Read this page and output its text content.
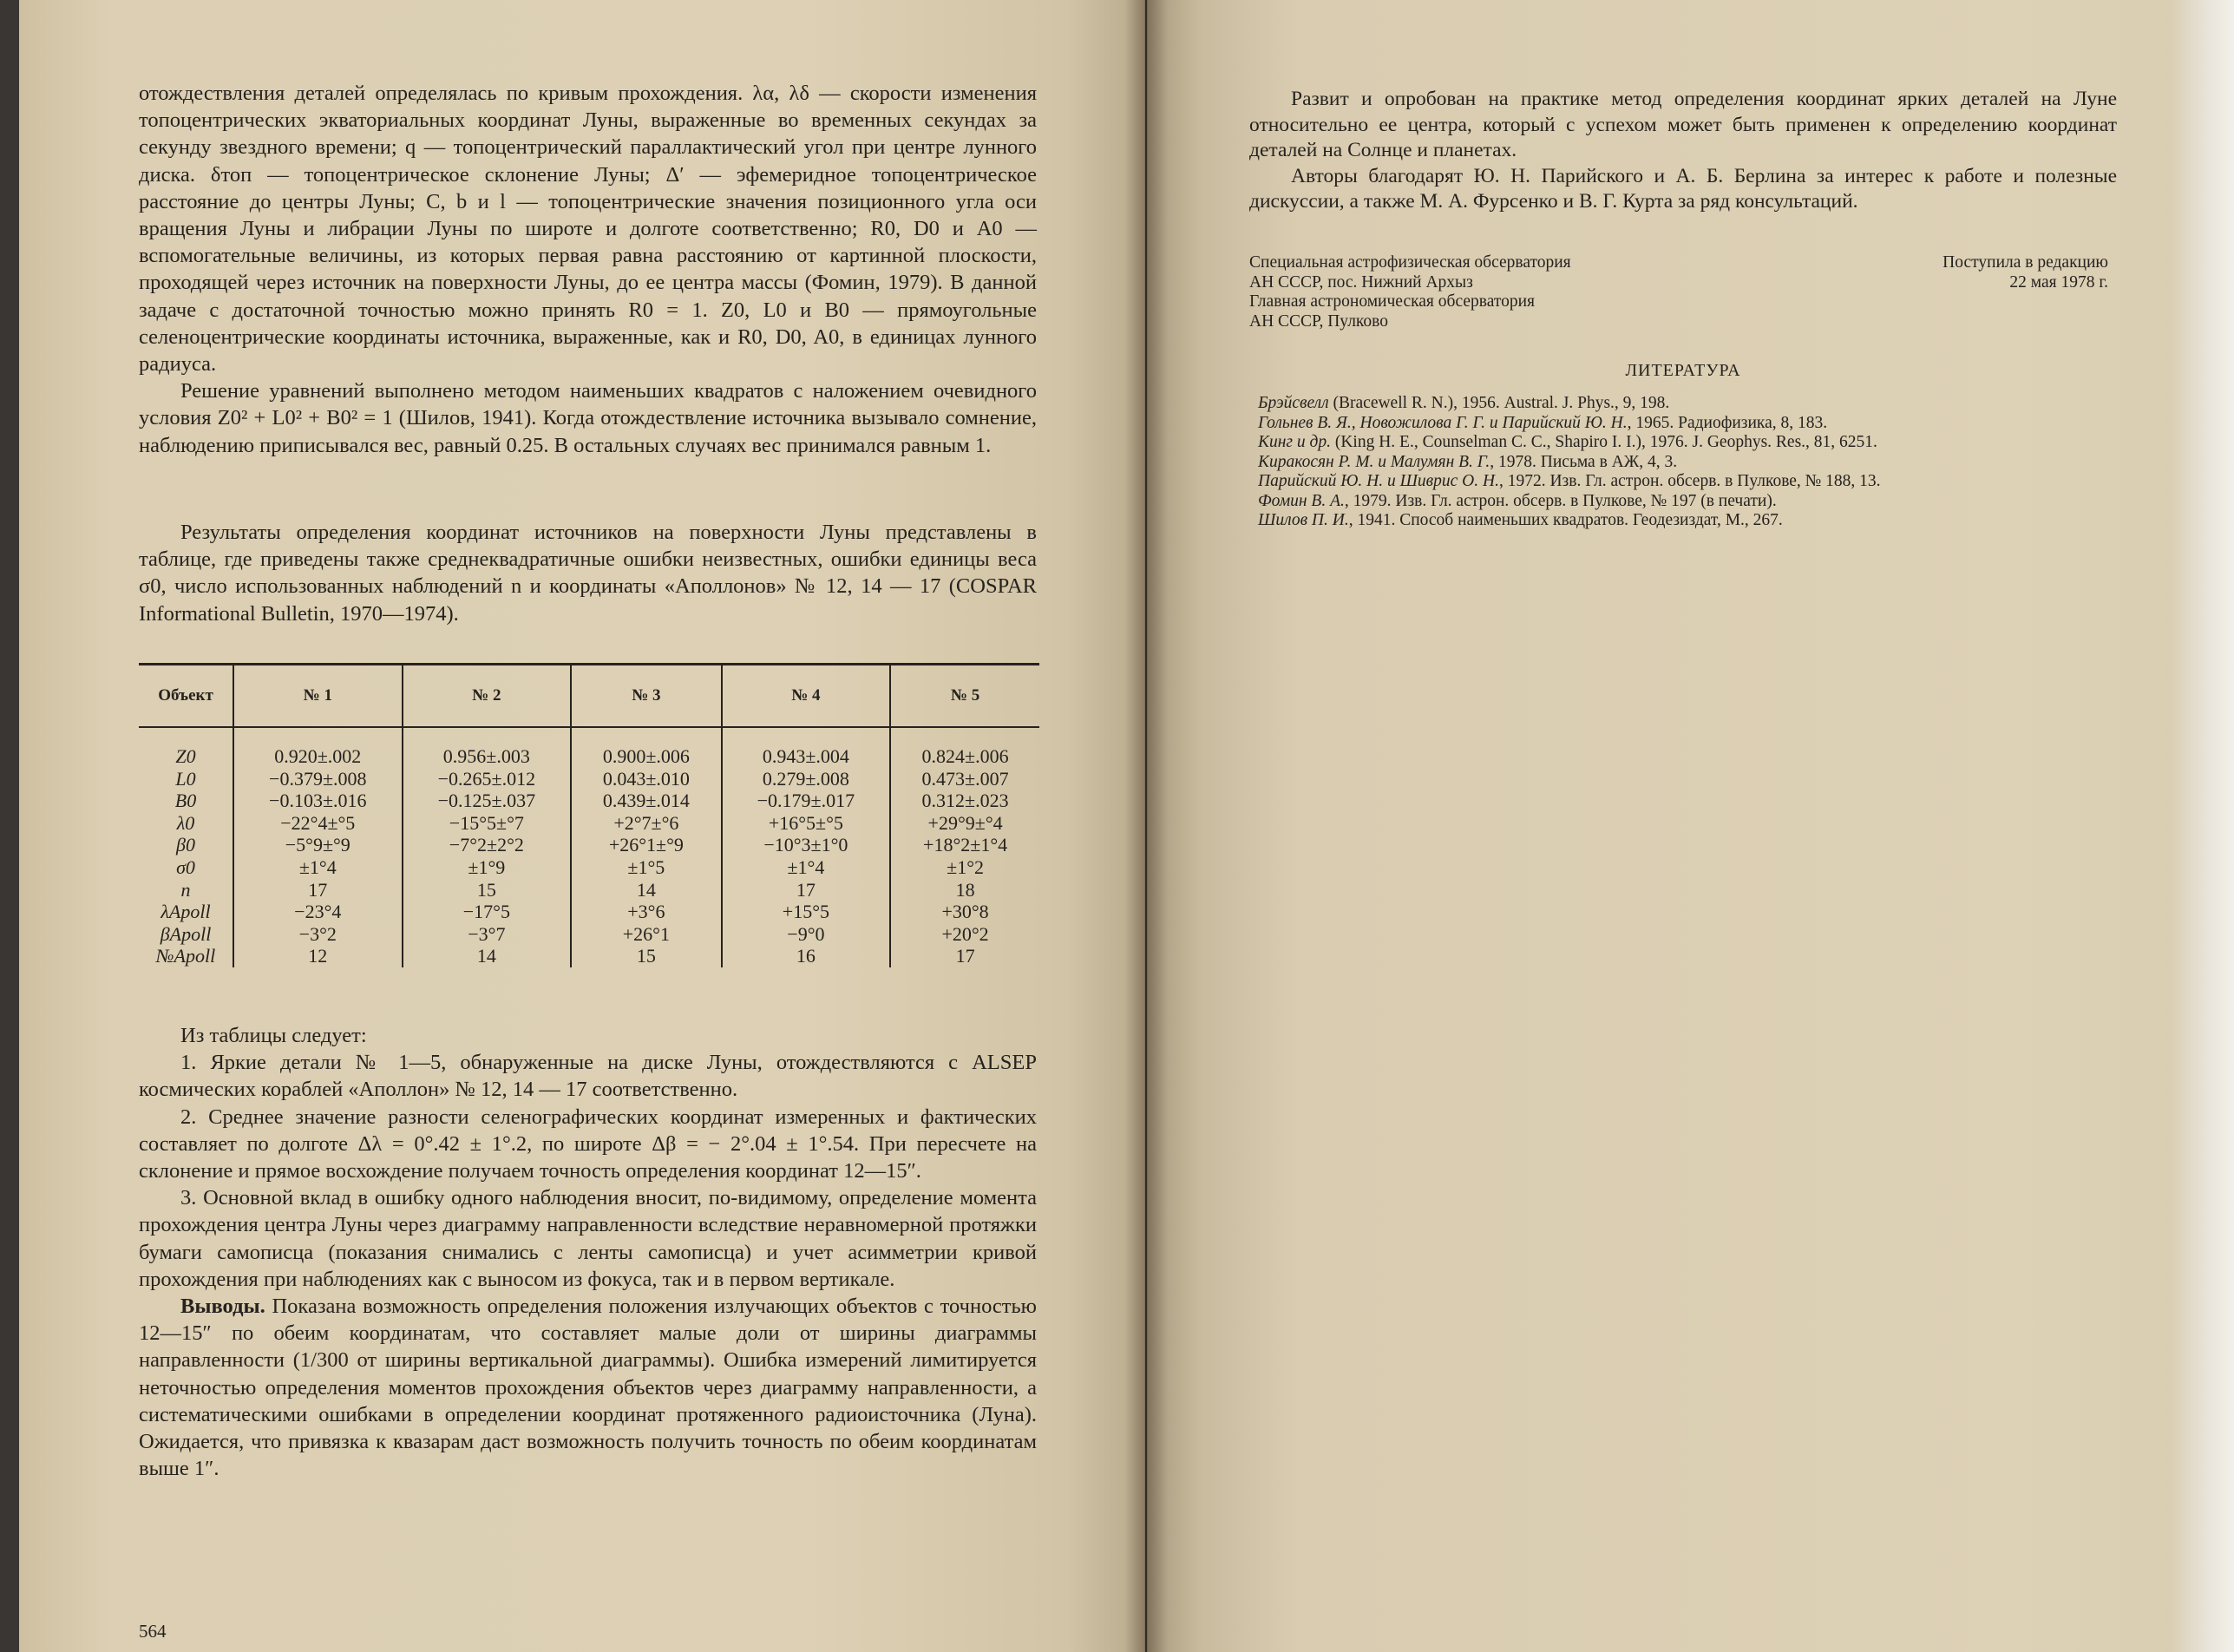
отождествления деталей определялась по кривым прохождения. λα, λδ — скорости изменения топоцентрических экваториальных координат Луны, выраженные во временных секундах за секунду звездного времени; q — топоцентрический параллактический угол при центре лунного диска. δтоп — топоцентрическое склонение Луны; Δ′ — эфемеридное топоцентрическое расстояние до центры Луны; C, b и l — топоцентрические значения позиционного угла оси вращения Луны и либрации Луны по широте и долготе соответственно; R0, D0 и A0 — вспомогательные величины, из которых первая равна расстоянию от картинной плоскости, проходящей через источник на поверхности Луны, до ее центра массы (Фомин, 1979). В данной задаче с достаточной точностью можно принять R0 = 1. Z0, L0 и B0 — прямоугольные селеноцентрические координаты источника, выраженные, как и R0, D0, A0, в единицах лунного радиуса.

Решение уравнений выполнено методом наименьших квадратов с наложением очевидного условия Z0² + L0² + B0² = 1 (Шилов, 1941). Когда отождествление источника вызывало сомнение, наблюдению приписывался вес, равный 0.25. В остальных случаях вес принимался равным 1.

Результаты определения координат источников на поверхности Луны представлены в таблице, где приведены также среднеквадратичные ошибки неизвестных, ошибки единицы веса σ0, число использованных наблюдений n и координаты «Аполлонов» № 12, 14 — 17 (COSPAR Informational Bulletin, 1970—1974).
Объект	№ 1	№ 2	№ 3	№ 4	№ 5

Z0	0.920±.002	0.956±.003	0.900±.006	0.943±.004	0.824±.006
L0	−0.379±.008	−0.265±.012	0.043±.010	0.279±.008	0.473±.007
B0	−0.103±.016	−0.125±.037	0.439±.014	−0.179±.017	0.312±.023
λ0	−22°4±°5	−15°5±°7	+2°7±°6	+16°5±°5	+29°9±°4
β0	−5°9±°9	−7°2±2°2	+26°1±°9	−10°3±1°0	+18°2±1°4
σ0	±1°4	±1°9	±1°5	±1°4	±1°2
n	17	15	14	17	18
λApoll	−23°4	−17°5	+3°6	+15°5	+30°8
βApoll	−3°2	−3°7	+26°1	−9°0	+20°2
№Apoll	12	14	15	16	17

Из таблицы следует:

1. Яркие детали № 1—5, обнаруженные на диске Луны, отождествляются с ALSEP космических кораблей «Аполлон» № 12, 14 — 17 соответственно.

2. Среднее значение разности селенографических координат измеренных и фактических составляет по долготе Δλ = 0°.42 ± 1°.2, по широте Δβ = − 2°.04 ± 1°.54. При пересчете на склонение и прямое восхождение получаем точность определения координат 12—15″.

3. Основной вклад в ошибку одного наблюдения вносит, по-видимому, определение момента прохождения центра Луны через диаграмму направленности вследствие неравномерной протяжки бумаги самописца (показания снимались с ленты самописца) и учет асимметрии кривой прохождения при наблюдениях как с выносом из фокуса, так и в первом вертикале.

Выводы. Показана возможность определения положения излучающих объектов с точностью 12—15″ по обеим координатам, что составляет малые доли от ширины диаграммы направленности (1/300 от ширины вертикальной диаграммы). Ошибка измерений лимитируется неточностью определения моментов прохождения объектов через диаграмму направленности, а систематическими ошибками в определении координат протяженного радиоисточника (Луна). Ожидается, что привязка к квазарам даст возможность получить точность по обеим координатам выше 1″.

564

Развит и опробован на практике метод определения координат ярких деталей на Луне относительно ее центра, который с успехом может быть применен к определению координат деталей на Солнце и планетах.

Авторы благодарят Ю. Н. Парийского и А. Б. Берлина за интерес к работе и полезные дискуссии, а также М. А. Фурсенко и В. Г. Курта за ряд консультаций.

Специальная астрофизическая обсерватория
АН СССР, пос. Нижний Архыз
Главная астрономическая обсерватория
АН СССР, Пулково
Поступила в редакцию
22 мая 1978 г.
ЛИТЕРАТУРА
Брэйсвелл (Bracewell R. N.), 1956. Austral. J. Phys., 9, 198.
Гольнев В. Я., Новожилова Г. Г. и Парийский Ю. Н., 1965. Радиофизика, 8, 183.
Кинг и др. (King H. E., Counselman C. C., Shapiro I. I.), 1976. J. Geophys. Res., 81, 6251.
Киракосян Р. М. и Малумян В. Г., 1978. Письма в АЖ, 4, 3.
Парийский Ю. Н. и Шиврис О. Н., 1972. Изв. Гл. астрон. обсерв. в Пулкове, № 188, 13.
Фомин В. А., 1979. Изв. Гл. астрон. обсерв. в Пулкове, № 197 (в печати).
Шилов П. И., 1941. Способ наименьших квадратов. Геодезиздат, М., 267.
